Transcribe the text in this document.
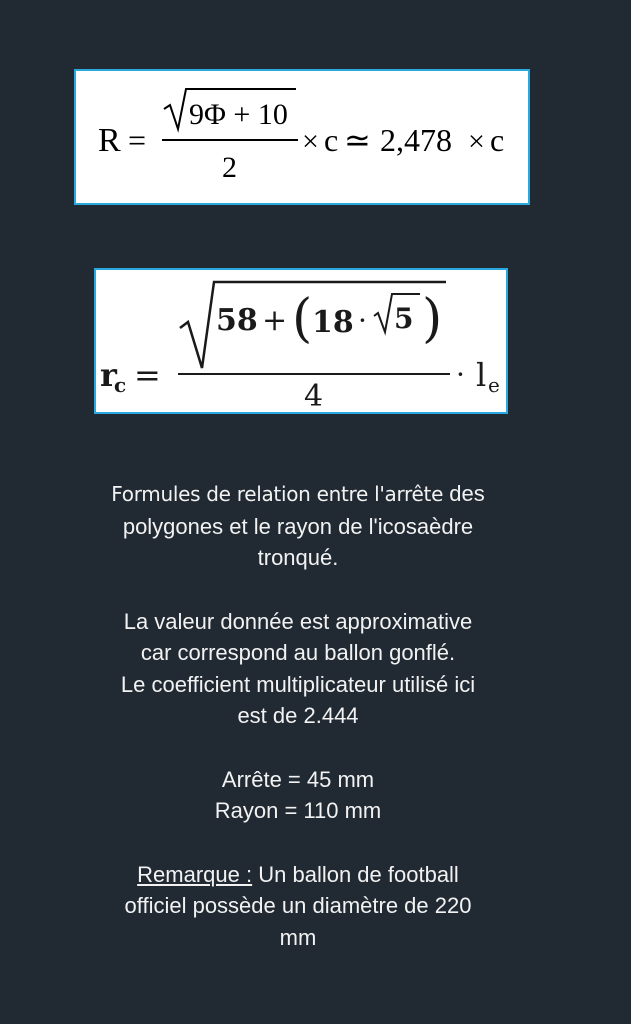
R =
9Φ + 10
2
× c ≃ 2,478 × c
r
c =
58 + ( 18 · 5 )
4
· l e

Formules de relation entre l'arrête des

polygones et le rayon de l'icosaèdre

tronqué.

La valeur donnée est approximative

car correspond au ballon gonflé.

Le coefficient multiplicateur utilisé ici

est de 2.444

Arrête = 45 mm

Rayon = 110 mm

Remarque : Un ballon de football

officiel possède un diamètre de 220

mm
